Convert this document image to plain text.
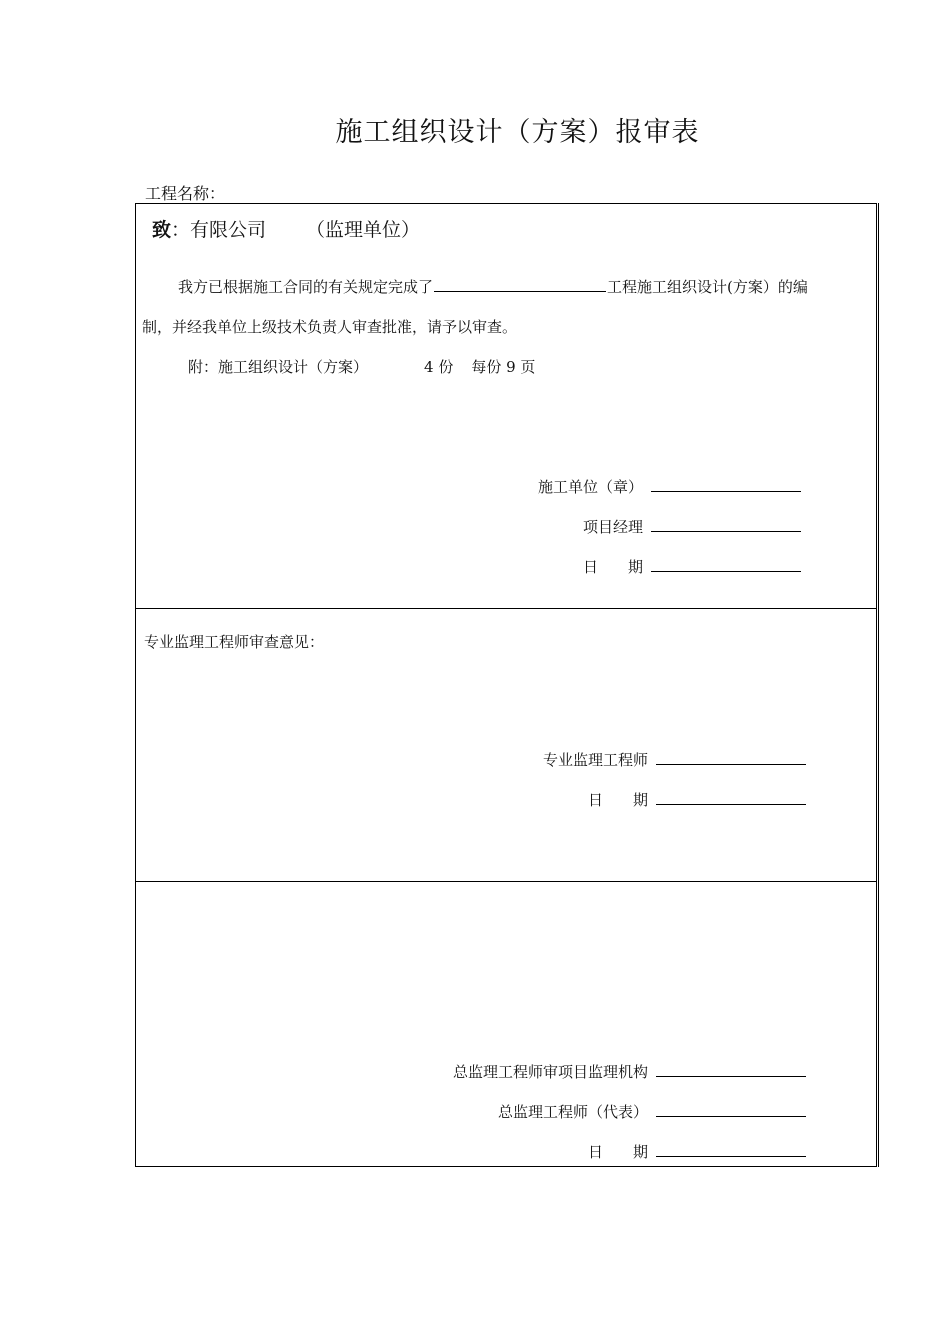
施工组织设计（方案）报审表
工程名称：
致：有限公司 （监理单位）
我方已根据施工合同的有关规定完成了	工程施工组织设计(方案）的编
制，并经我单位上级技术负责人审查批准，请予以审查。
附：施工组织设计（方案）	4 份 每份 9 页
施工单位（章）
项目经理
日　　期
专业监理工程师审查意见：
专业监理工程师
日　　期
总监理工程师审项目监理机构
总监理工程师（代表）
日　　期
